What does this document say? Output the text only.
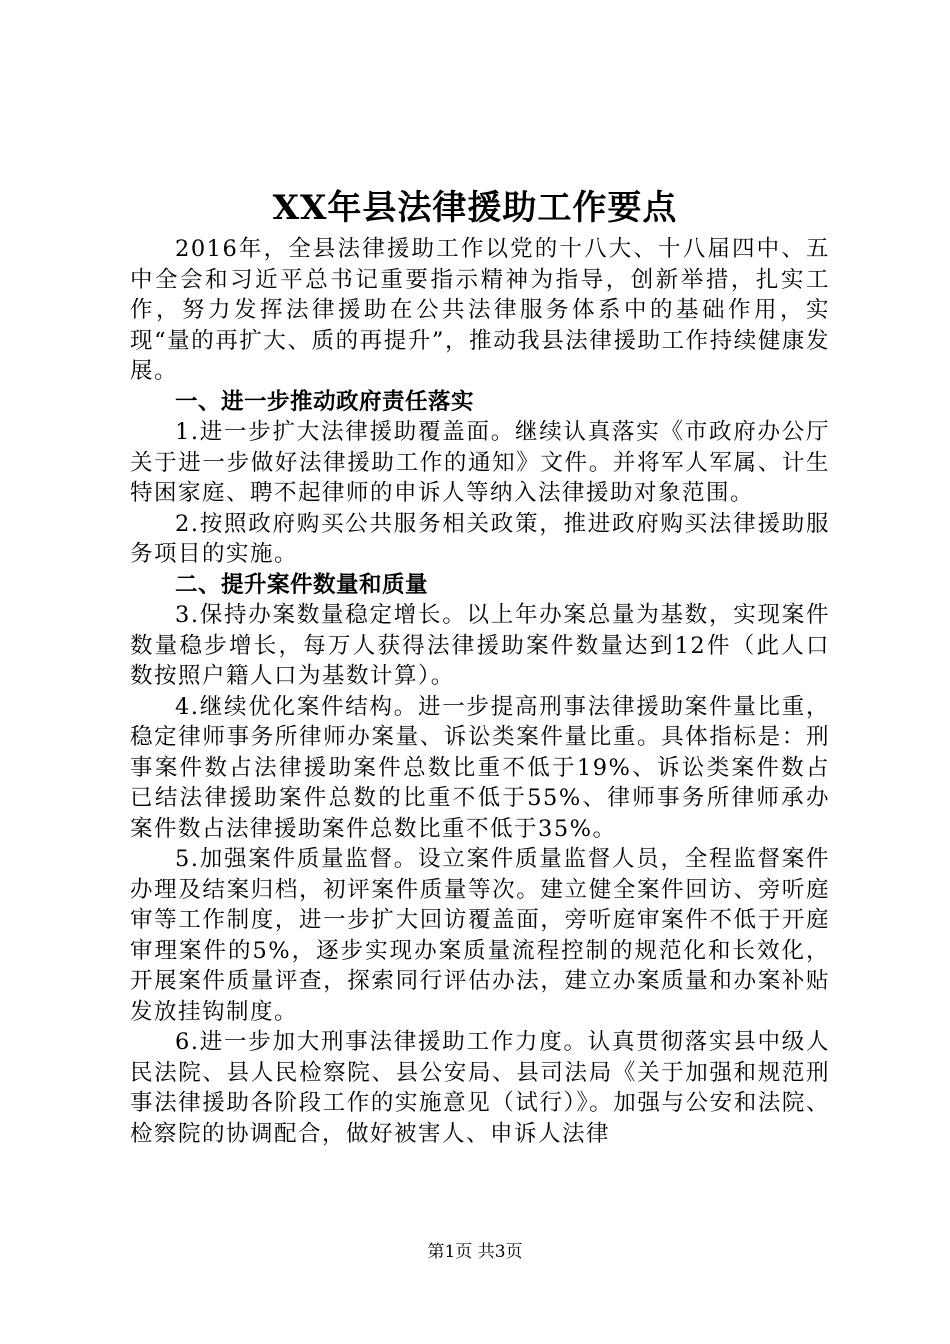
XX年县法律援助工作要点

2016年，全县法律援助工作以党的十八大、十八届四中、五中全会和习近平总书记重要指示精神为指导，创新举措，扎实工作，努力发挥法律援助在公共法律服务体系中的基础作用，实现“量的再扩大、质的再提升”，推动我县法律援助工作持续健康发展。

一、进一步推动政府责任落实

1.进一步扩大法律援助覆盖面。继续认真落实《市政府办公厅关于进一步做好法律援助工作的通知》文件。并将军人军属、计生特困家庭、聘不起律师的申诉人等纳入法律援助对象范围。

2.按照政府购买公共服务相关政策，推进政府购买法律援助服务项目的实施。

二、提升案件数量和质量

3.保持办案数量稳定增长。以上年办案总量为基数，实现案件数量稳步增长，每万人获得法律援助案件数量达到12件（此人口数按照户籍人口为基数计算）。

4.继续优化案件结构。进一步提高刑事法律援助案件量比重，稳定律师事务所律师办案量、诉讼类案件量比重。具体指标是：刑事案件数占法律援助案件总数比重不低于19%、诉讼类案件数占已结法律援助案件总数的比重不低于55%、律师事务所律师承办案件数占法律援助案件总数比重不低于35%。

5.加强案件质量监督。设立案件质量监督人员，全程监督案件办理及结案归档，初评案件质量等次。建立健全案件回访、旁听庭审等工作制度，进一步扩大回访覆盖面，旁听庭审案件不低于开庭审理案件的5%，逐步实现办案质量流程控制的规范化和长效化，开展案件质量评查，探索同行评估办法，建立办案质量和办案补贴发放挂钩制度。

6.进一步加大刑事法律援助工作力度。认真贯彻落实县中级人民法院、县人民检察院、县公安局、县司法局《关于加强和规范刑事法律援助各阶段工作的实施意见（试行）》。加强与公安和法院、检察院的协调配合，做好被害人、申诉人法律

第1页 共3页
